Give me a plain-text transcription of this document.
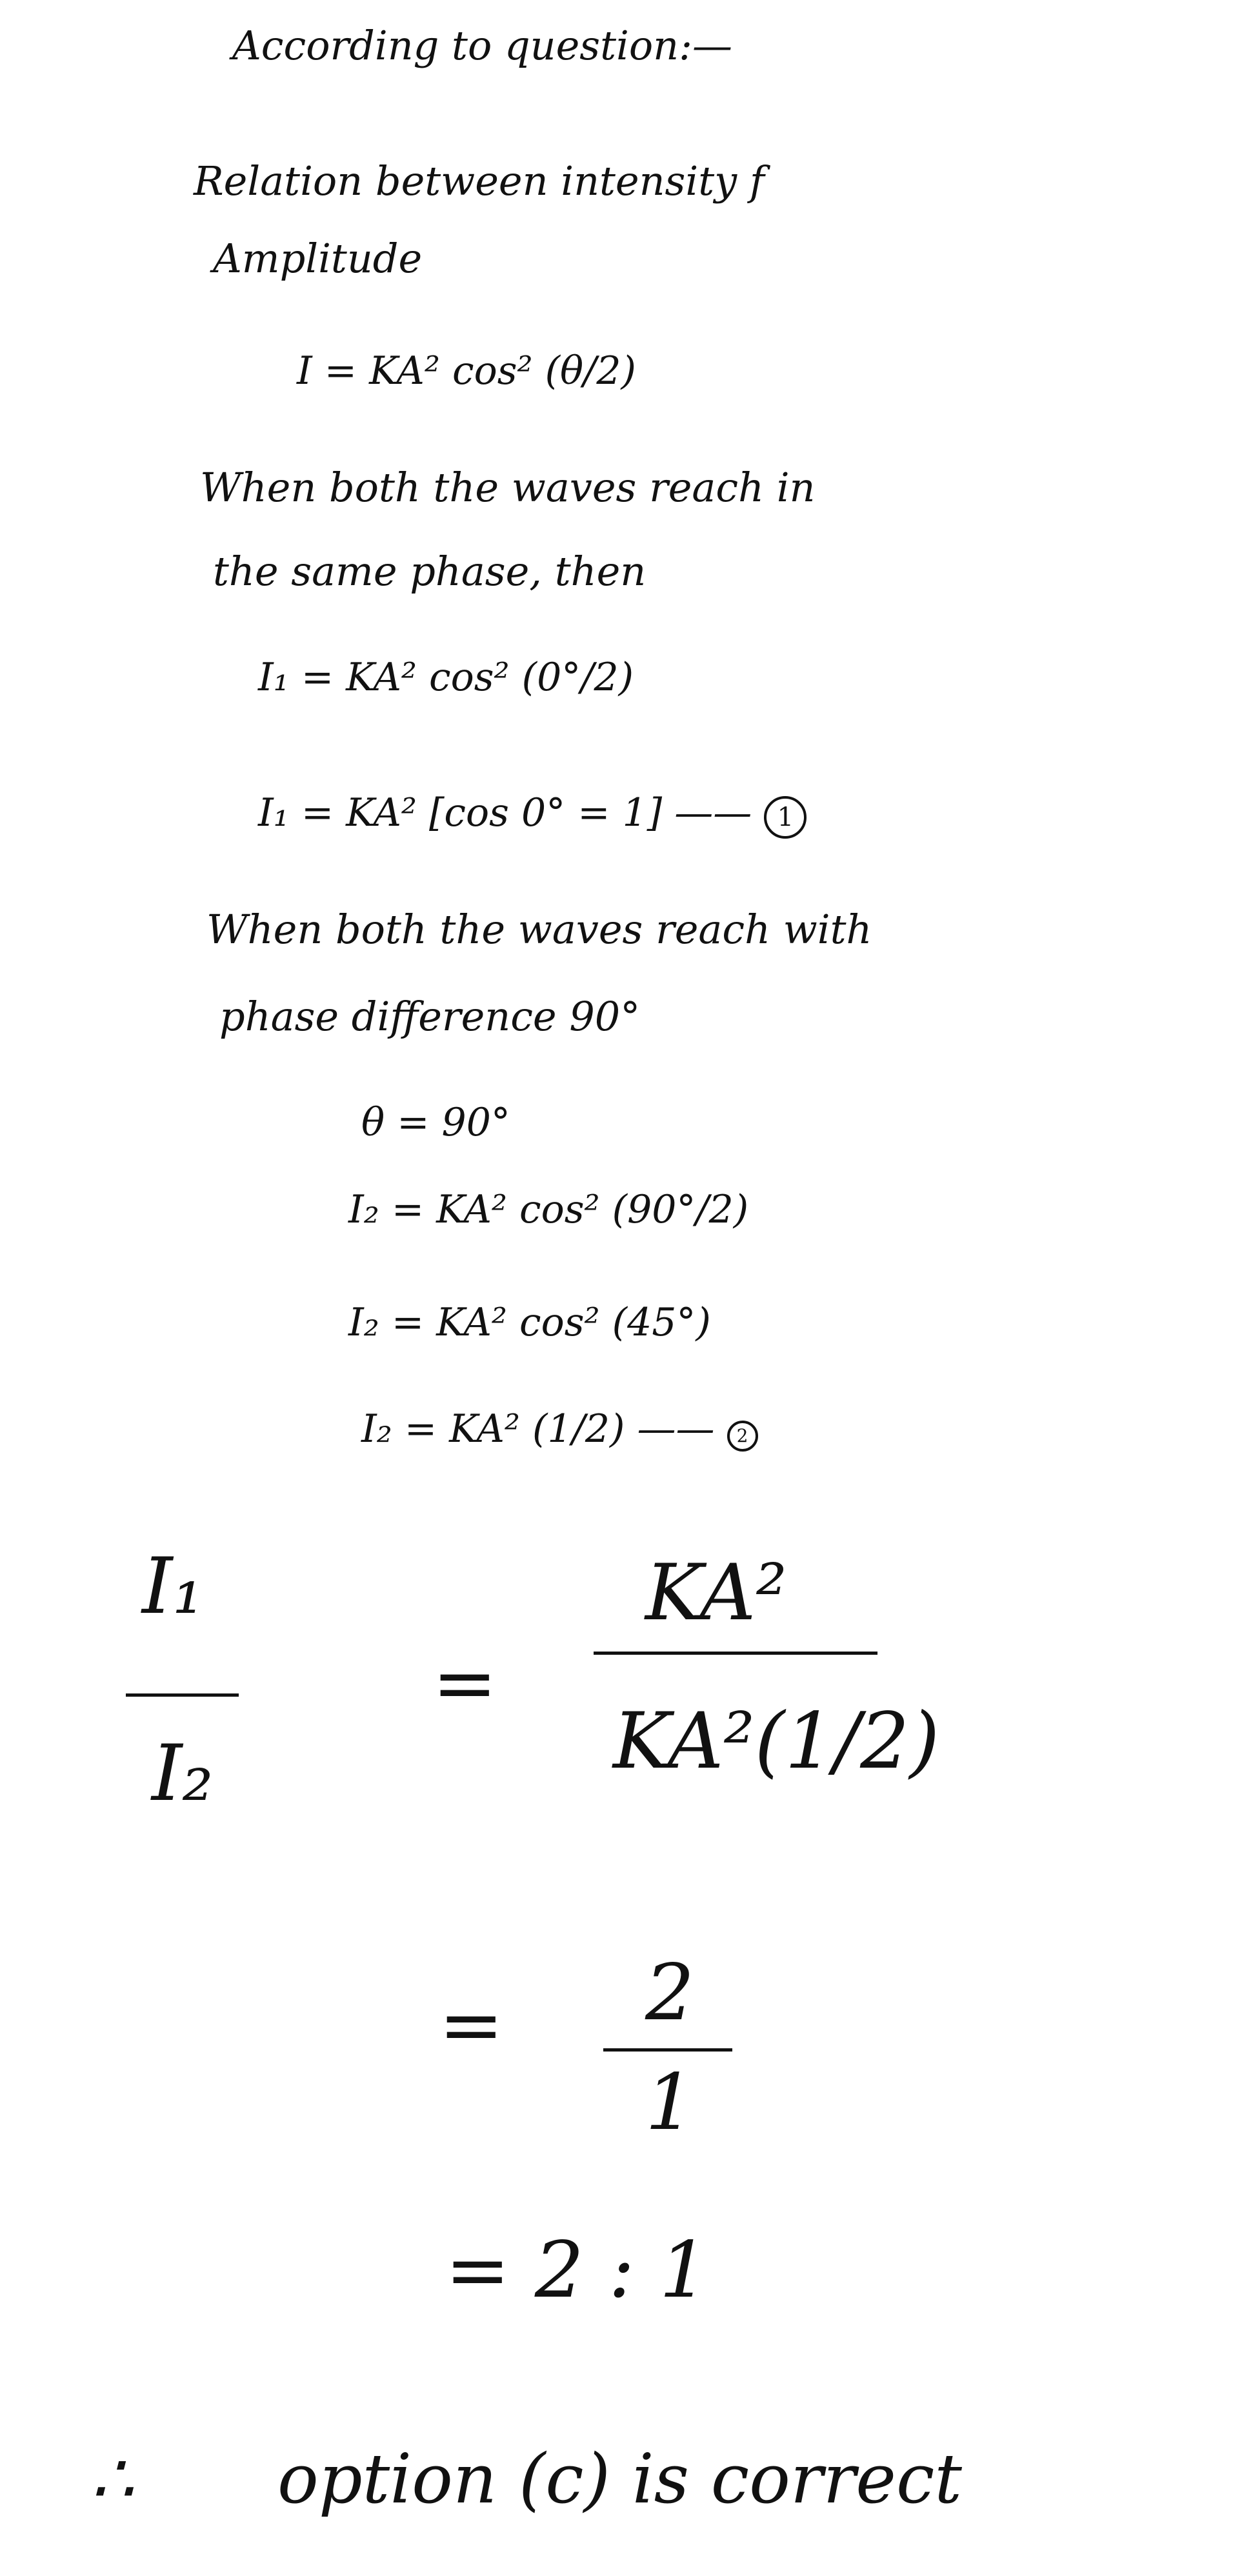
According to question:—
Relation between intensity f
Amplitude
I = KA² cos² (θ/2)
When both the waves reach in
the same phase, then
I₁ = KA² cos² (0°/2)
I₁ = KA² [cos 0° = 1] —— 1
When both the waves reach with
phase difference 90°
θ = 90°
I₂ = KA² cos² (90°/2)
I₂ = KA² cos² (45°)
I₂ = KA² (1/2) —— 2
I₁
I₂
=
KA²
KA²(1/2)
= 2
1
= 2 : 1
∴ option (c) is correct
